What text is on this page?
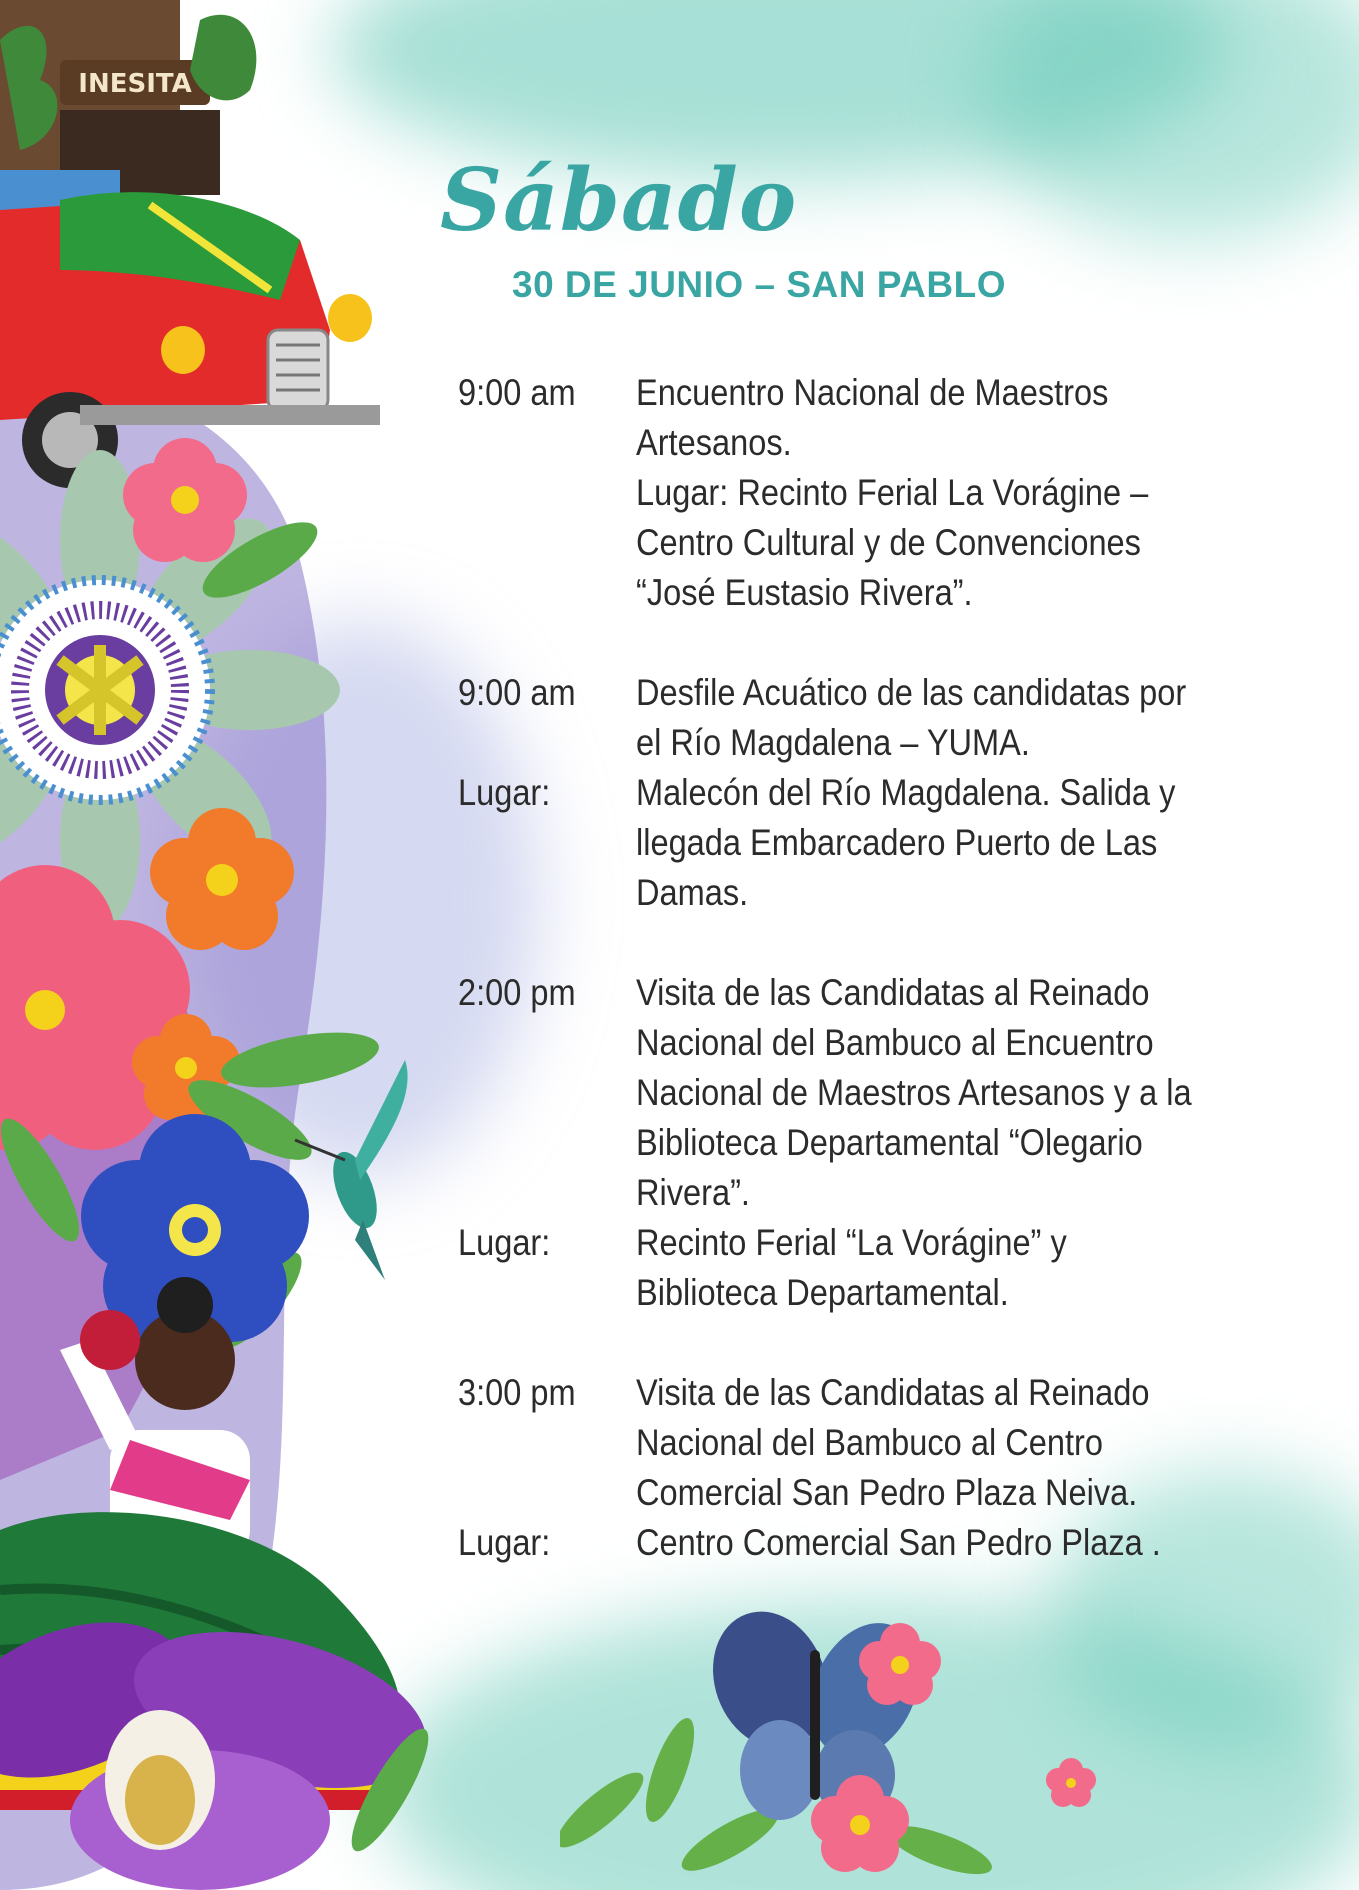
INESITA
Sábado
30 DE JUNIO – SAN PABLO
9:00 am	Encuentro Nacional de Maestros
Artesanos.
Lugar: Recinto Ferial La Vorágine –
Centro Cultural y de Convenciones
“José Eustasio Rivera”.
9:00 am	Desfile Acuático de las candidatas por
el Río Magdalena – YUMA.
Lugar:	Malecón del Río Magdalena. Salida y
llegada Embarcadero Puerto de Las
Damas.
2:00 pm	Visita de las Candidatas al Reinado
Nacional del Bambuco al Encuentro
Nacional de Maestros Artesanos y a la
Biblioteca Departamental “Olegario
Rivera”.
Lugar:	Recinto Ferial “La Vorágine” y
Biblioteca Departamental.
3:00 pm	Visita de las Candidatas al Reinado
Nacional del Bambuco al Centro
Comercial San Pedro Plaza Neiva.
Lugar:	Centro Comercial San Pedro Plaza .
